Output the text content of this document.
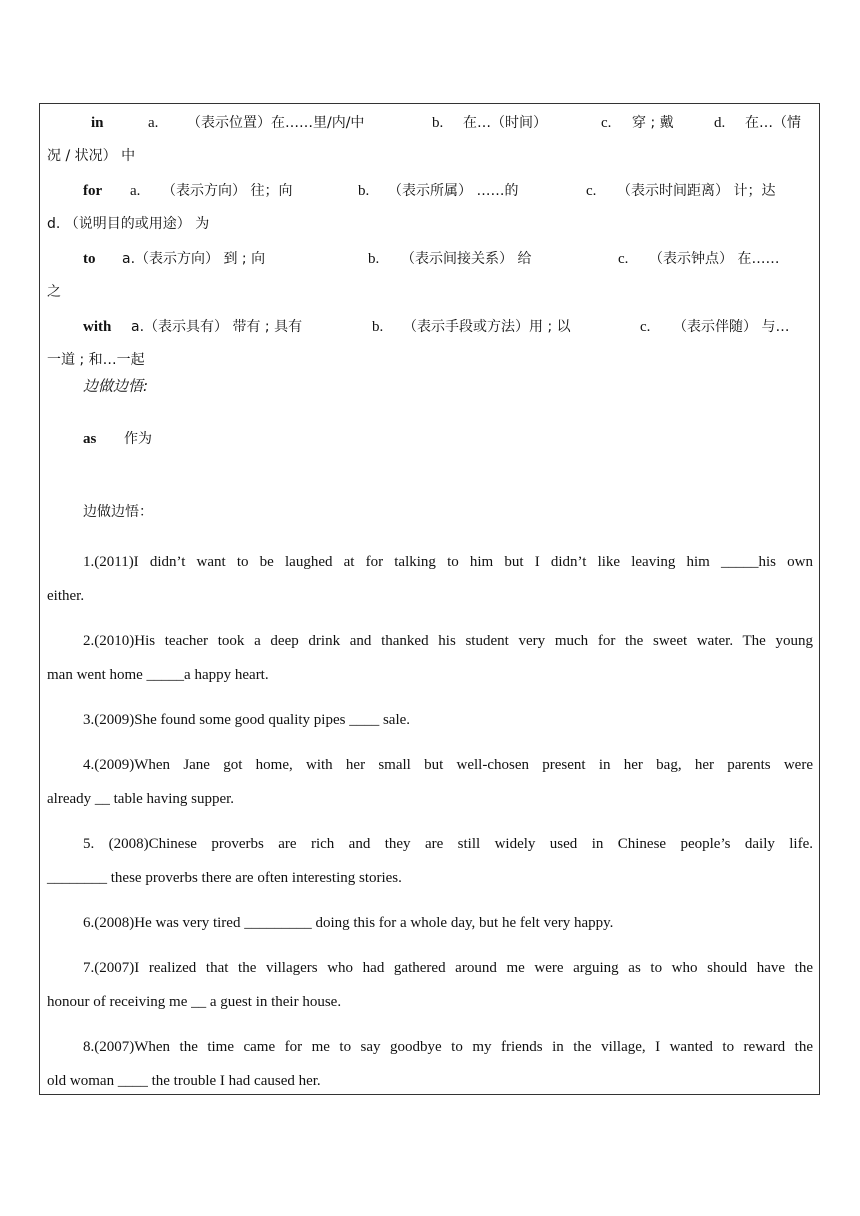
in	a. （表示位置）在……里/内/中	b. 在…（时间）	c. 穿 ; 戴	d. 在…（情
况 / 状况） 中
for a. （表示方向） 往；向	b. （表示所属） ……的	c. （表示时间距离） 计；达
d. （说明目的或用途） 为
to a.（表示方向） 到 ; 向	b. （表示间接关系） 给	c. （表示钟点） 在……
之
with a.（表示具有） 带有 ; 具有	b. （表示手段或方法）用 ; 以	c. （表示伴随） 与…
一道 ; 和…一起
边做边悟:
as 作为
边做边悟：
1.(2011)I didn’t want to be laughed at for talking to him but I didn’t like leaving him _____his own
either.
2.(2010)His teacher took a deep drink and thanked his student very much for the sweet water. The young
man went home _____a happy heart.
3.(2009)She found some good quality pipes ____ sale.
4.(2009)When Jane got home, with her small but well-chosen present in her bag, her parents were
already __ table having supper.
5. (2008)Chinese proverbs are rich and they are still widely used in Chinese people’s daily life.
________ these proverbs there are often interesting stories.
6.(2008)He was very tired _________ doing this for a whole day, but he felt very happy.
7.(2007)I realized that the villagers who had gathered around me were arguing as to who should have the
honour of receiving me __ a guest in their house.
8.(2007)When the time came for me to say goodbye to my friends in the village, I wanted to reward the
old woman ____ the trouble I had caused her.
